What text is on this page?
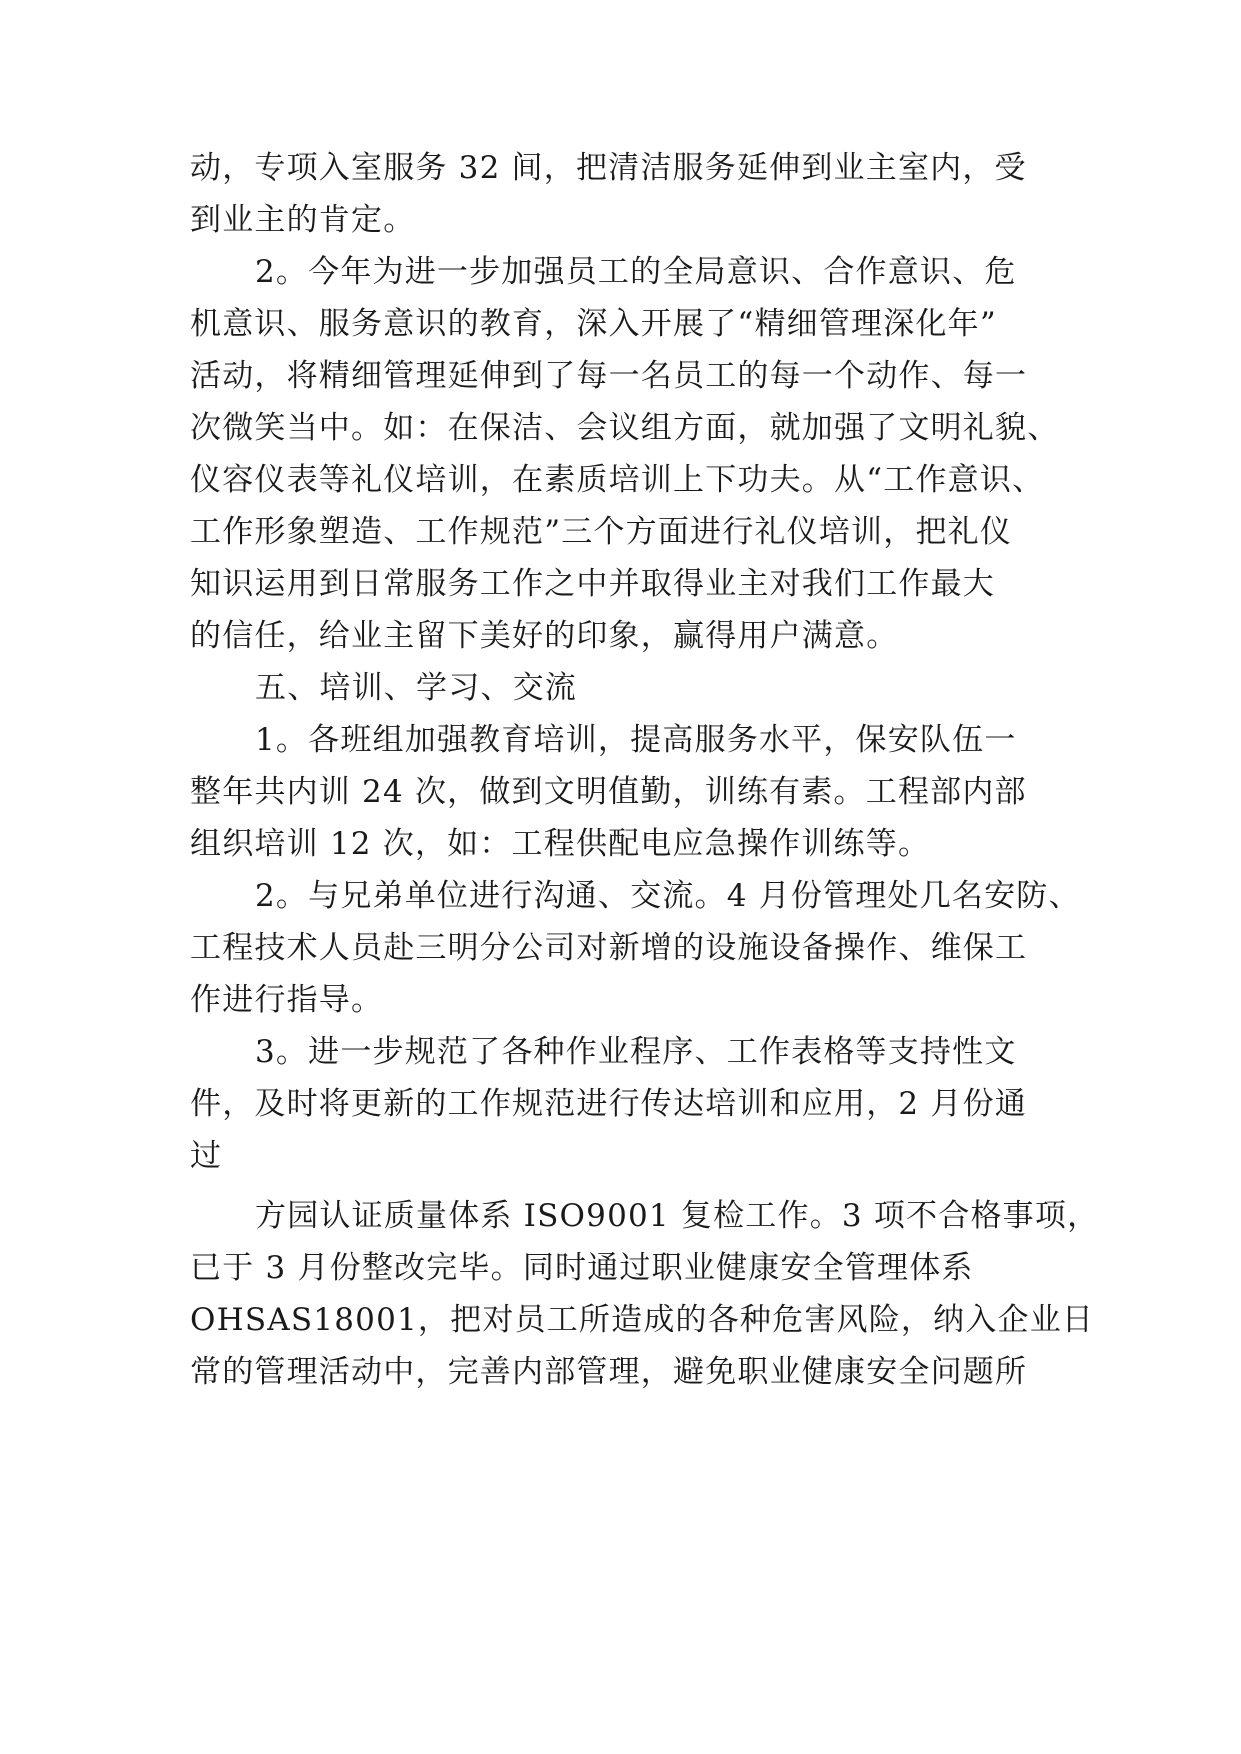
动，专项入室服务 32 间，把清洁服务延伸到业主室内，受
到业主的肯定。
2。今年为进一步加强员工的全局意识、合作意识、危
机意识、服务意识的教育，深入开展了“精细管理深化年”
活动，将精细管理延伸到了每一名员工的每一个动作、每一
次微笑当中。如：在保洁、会议组方面，就加强了文明礼貌、
仪容仪表等礼仪培训，在素质培训上下功夫。从“工作意识、
工作形象塑造、工作规范”三个方面进行礼仪培训，把礼仪
知识运用到日常服务工作之中并取得业主对我们工作最大
的信任，给业主留下美好的印象，赢得用户满意。
五、培训、学习、交流
1。各班组加强教育培训，提高服务水平，保安队伍一
整年共内训 24 次，做到文明值勤，训练有素。工程部内部
组织培训 12 次，如：工程供配电应急操作训练等。
2。与兄弟单位进行沟通、交流。4 月份管理处几名安防、
工程技术人员赴三明分公司对新增的设施设备操作、维保工
作进行指导。
3。进一步规范了各种作业程序、工作表格等支持性文
件，及时将更新的工作规范进行传达培训和应用，2 月份通
过
方园认证质量体系 ISO9001 复检工作。3 项不合格事项，
已于 3 月份整改完毕。同时通过职业健康安全管理体系
OHSAS18001，把对员工所造成的各种危害风险，纳入企业日
常的管理活动中，完善内部管理，避免职业健康安全问题所
